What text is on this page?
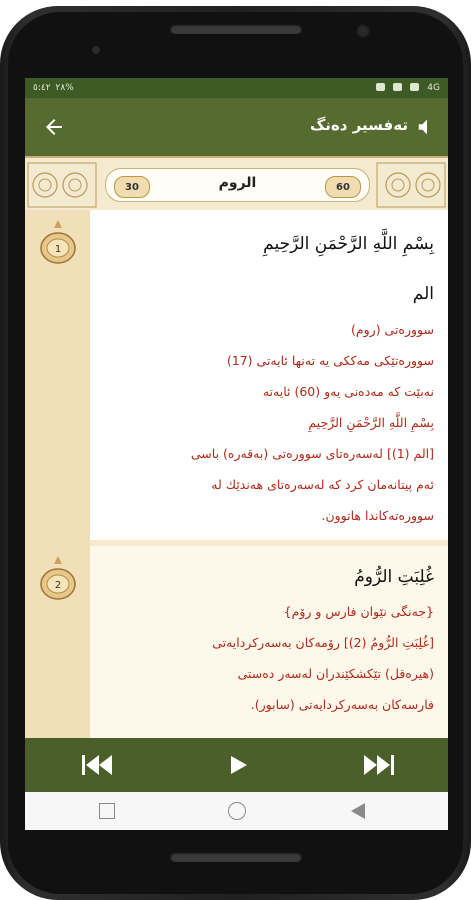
٥:٤٢ ٢٨%	4G
تەفسیر دەنگ
30	الروم	60
1	بِسْمِ اللَّهِ الرَّحْمَنِ الرَّحِيمِ
الم
سوورەتی (روم)
سوورەتێکی مەککی یە تەنها ئایەتی (17)
نەبێت کە مەدەنی یەو (60) ئایەتە
بِسْمِ اللَّهِ الرَّحْمَنِ الرَّحِيمِ
[الم (1)] لەسەرەتای سوورەتی (بەقەرە) باسی
ئەم پیتانەمان کرد کە لەسەرەتای هەندێك لە
سوورەتەکاندا هاتوون.
2	غُلِبَتِ الرُّومُ
{جەنگی نێوان فارس و رۆم}
[غُلِبَتِ الرُّومُ (2)] رۆمەکان بەسەرکردایەتی
(هیرەقل) تێکشکێندران لەسەر دەستی
فارسەکان بەسەرکردایەتی (سابور).
